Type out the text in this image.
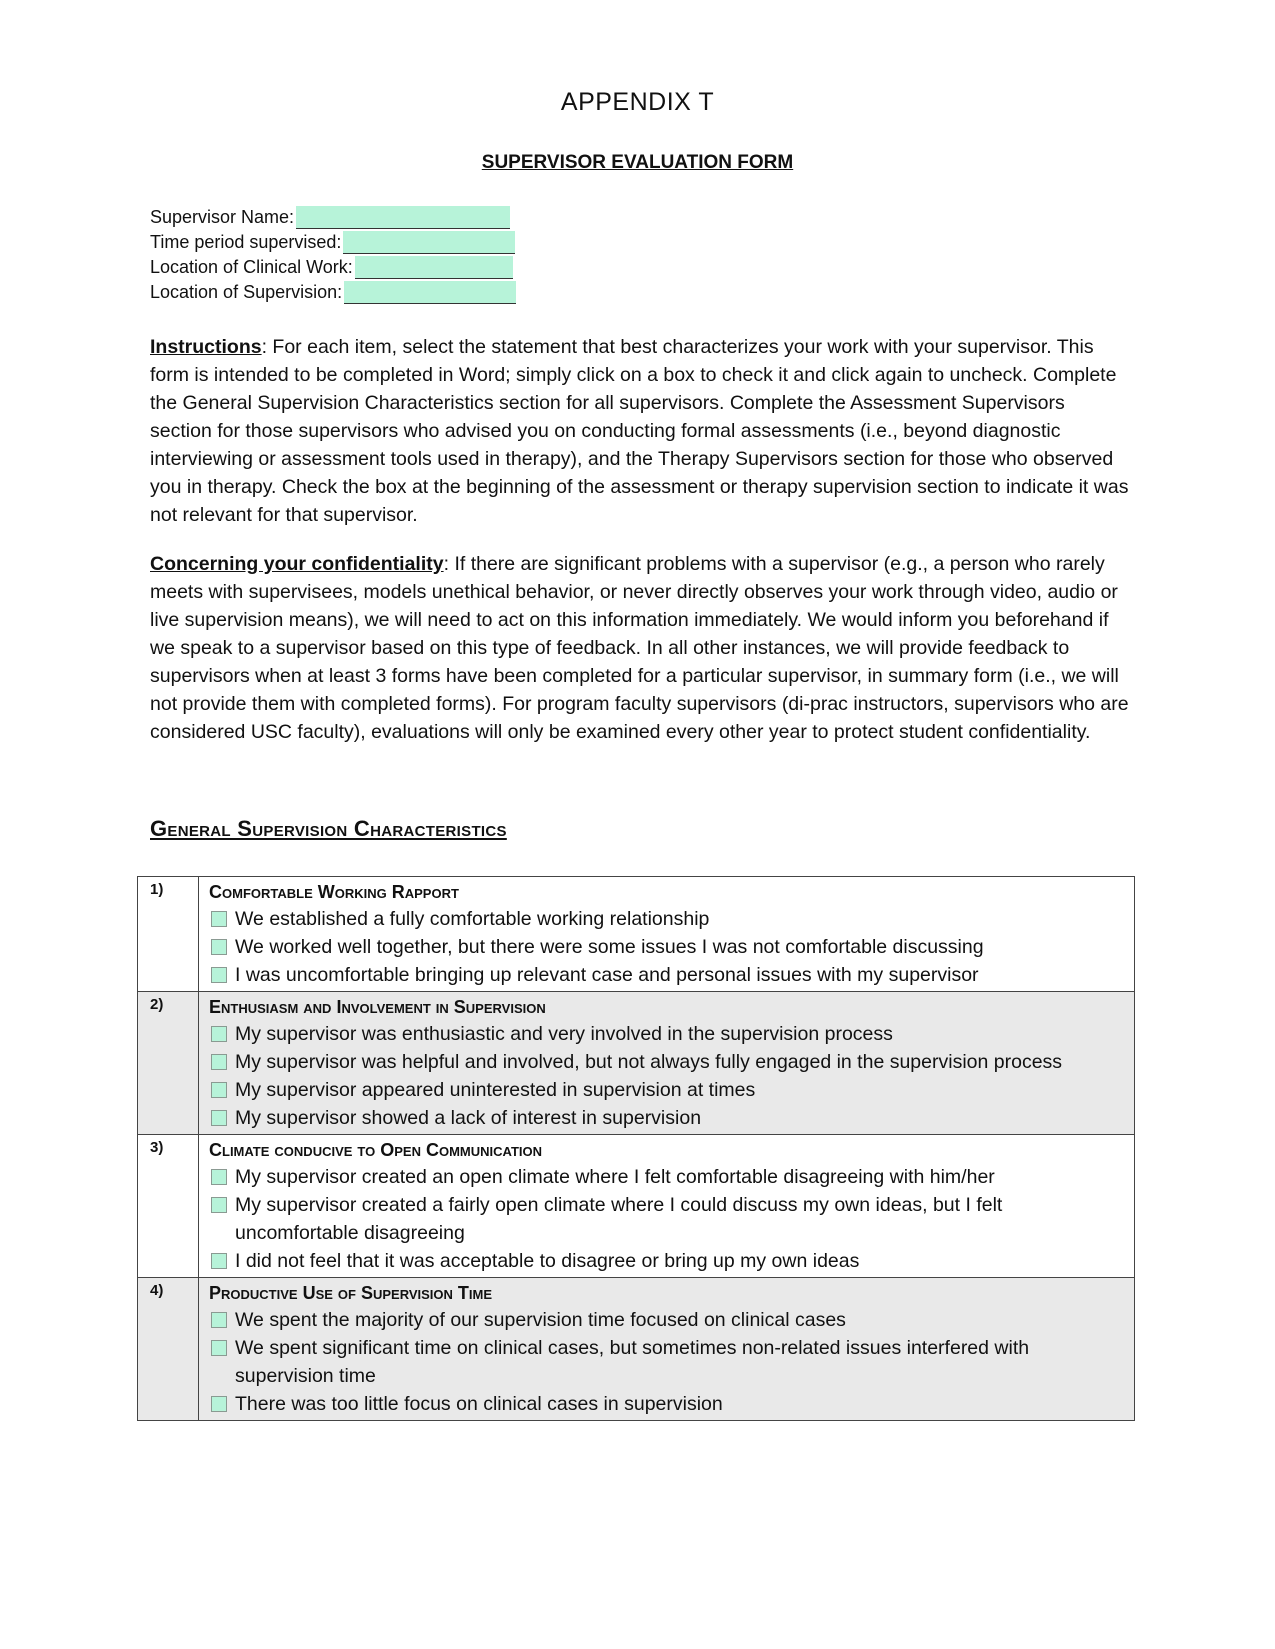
APPENDIX T
SUPERVISOR EVALUATION FORM
Supervisor Name:
Time period supervised:
Location of Clinical Work:
Location of Supervision:

Instructions: For each item, select the statement that best characterizes your work with your supervisor. This form is intended to be completed in Word; simply click on a box to check it and click again to uncheck. Complete the General Supervision Characteristics section for all supervisors. Complete the Assessment Supervisors section for those supervisors who advised you on conducting formal assessments (i.e., beyond diagnostic interviewing or assessment tools used in therapy), and the Therapy Supervisors section for those who observed you in therapy. Check the box at the beginning of the assessment or therapy supervision section to indicate it was not relevant for that supervisor.

Concerning your confidentiality: If there are significant problems with a supervisor (e.g., a person who rarely meets with supervisees, models unethical behavior, or never directly observes your work through video, audio or live supervision means), we will need to act on this information immediately. We would inform you beforehand if we speak to a supervisor based on this type of feedback. In all other instances, we will provide feedback to supervisors when at least 3 forms have been completed for a particular supervisor, in summary form (i.e., we will not provide them with completed forms). For program faculty supervisors (di-prac instructors, supervisors who are considered USC faculty), evaluations will only be examined every other year to protect student confidentiality.

General Supervision Characteristics
1)	Comfortable Working Rapport
We established a fully comfortable working relationship
We worked well together, but there were some issues I was not comfortable discussing
I was uncomfortable bringing up relevant case and personal issues with my supervisor

2)	Enthusiasm and Involvement in Supervision
My supervisor was enthusiastic and very involved in the supervision process
My supervisor was helpful and involved, but not always fully engaged in the supervision process
My supervisor appeared uninterested in supervision at times
My supervisor showed a lack of interest in supervision

3)	Climate conducive to Open Communication
My supervisor created an open climate where I felt comfortable disagreeing with him/her
My supervisor created a fairly open climate where I could discuss my own ideas, but I felt uncomfortable disagreeing
I did not feel that it was acceptable to disagree or bring up my own ideas

4)	Productive Use of Supervision Time
We spent the majority of our supervision time focused on clinical cases
We spent significant time on clinical cases, but sometimes non-related issues interfered with supervision time
There was too little focus on clinical cases in supervision
